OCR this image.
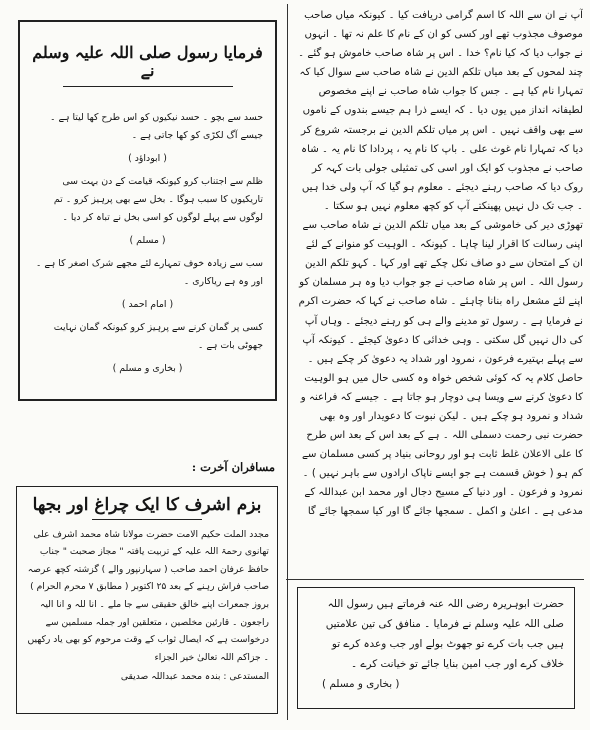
آپ نے ان سے اللہ کا اسم گرامی دریافت کیا ۔ کیونکہ میاں صاحب موصوف مجذوب تھے اور کسی کو ان کے نام کا علم نہ تھا ۔ انہوں نے جواب دیا کہ کیا نام؟ خدا ۔ اس پر شاہ صاحب خاموش ہو گئے ۔ چند لمحوں کے بعد میاں تلکم الدین نے شاہ صاحب سے سوال کیا کہ تمہارا نام کیا ہے ۔ جس کا جواب شاہ صاحب نے اپنے مخصوص لطیفانہ انداز میں یوں دیا ۔ کہ ایسے ذرا ہم جیسے بندوں کے ناموں سے بھی واقف نہیں ۔ اس پر میاں تلکم الدین نے برجستہ شروع کر دیا کہ تمہارا نام غوث علی ۔ باپ کا نام یہ ، پردادا کا نام یہ ۔ شاہ صاحب نے مجذوب کو ایک اور اسی کی تمثیلی جولی بات کہہ کر روک دیا کہ صاحب رہنے دیجئے ۔ معلوم ہو گیا کہ آپ ولی خدا ہیں ۔ جب تک دل نہیں پھینکتے آپ کو کچھ معلوم نہیں ہو سکتا ۔

تھوڑی دیر کی خاموشی کے بعد میاں تلکم الدین نے شاہ صاحب سے اپنی رسالت کا اقرار لینا چاہا ۔ کیونکہ ۔ الوہیت کو منوانے کے لئے ان کے امتحان سے دو صاف نکل چکے تھے اور کہا ۔ کہو تلکم الدین رسول اللہ ۔ اس پر شاہ صاحب نے جو جواب دیا وہ ہر مسلمان کو اپنے لئے مشعل راہ بنانا چاہئے ۔ شاہ صاحب نے کہا کہ حضرت اکرم نے فرمایا ہے ۔ رسول تو مدینے والے ہی کو رہنے دیجئے ۔ وہاں آپ کی دال نہیں گل سکتی ۔ وہی خدائی کا دعویٰ کیجئے ۔ کیونکہ آپ سے پہلے بہتیرے فرعون ، نمرود اور شداد یہ دعویٰ کر چکے ہیں ۔

حاصل کلام یہ کہ کوئی شخص خواہ وہ کسی حال میں ہو الوہیت کا دعویٰ کرنے سے ویسا ہی دوچار ہو جاتا ہے ۔ جیسے کہ فراعنہ و شداد و نمرود ہو چکے ہیں ۔ لیکن نبوت کا دعویدار اور وہ بھی حضرت نبی رحمت دسملی اللہ ۔ ہے کے بعد اس کے بعد اس طرح کا علی الاعلان غلط ثابت ہو اور روحانی بنیاد پر کسی مسلمان سے کم ہو ( خوش قسمت ہے جو ایسے ناپاک ارادوں سے باہر نہیں ) ۔ نمرود و فرعون ۔ اور دنیا کے مسیح دجال اور محمد ابن عبداللہ کے مدعی ہے ۔ اعلیٰ و اکمل ۔ سمجھا جائے گا اور کیا سمجھا جائے گا

حضرت ابوہریرہ رضی اللہ عنہ فرماتے ہیں رسول اللہ صلی اللہ علیہ وسلم نے فرمایا ۔ منافق کی تین علامتیں ہیں جب بات کرے تو جھوٹ بولے اور جب وعدہ کرے تو خلاف کرے اور جب امین بنایا جائے تو خیانت کرے ۔
( بخاری و مسلم )
فرمایا رسول صلی اللہ علیہ وسلم نے

حسد سے بچو ۔ حسد نیکیوں کو اس طرح کھا لیتا ہے ۔ جیسے آگ لکڑی کو کھا جاتی ہے ۔

( ابوداؤد )

ظلم سے اجتناب کرو کیونکہ قیامت کے دن بہت سی تاریکیوں کا سبب ہوگا ۔ بخل سے بھی پرہیز کرو ۔ تم لوگوں سے پہلے لوگوں کو اسی بخل نے تباہ کر دیا ۔

( مسلم )

سب سے زیادہ خوف تمہارے لئے مجھے شرک اصغر کا ہے ۔ اور وہ ہے ریاکاری ۔

( امام احمد )

کسی پر گمان کرنے سے پرہیز کرو کیونکہ گمان نہایت جھوٹی بات ہے ۔

( بخاری و مسلم )

مسافران آخرت :
بزم اشرف کا ایک چراغ اور بجھا

مجدد الملت حکیم الامت حضرت مولانا شاہ محمد اشرف علی تھانوی رحمۃ اللہ علیہ کے تربیت یافتہ " مجاز صحبت " جناب حافظ عرفان احمد صاحب ( سہارنپور والے ) گزشتہ کچھ عرصہ صاحب فراش رہنے کے بعد ۲۵ اکتوبر ( مطابق ۷ محرم الحرام ) بروز جمعرات اپنے خالق حقیقی سے جا ملے ۔ انا للہ و انا الیہ راجعون ۔ قارئین مخلصین ، متعلقین اور جملہ مسلمین سے درخواست ہے کہ ایصال ثواب کے وقت مرحوم کو بھی یاد رکھیں ۔ جزاکم اللہ تعالیٰ خیر الجزاء

المستدعی : بندہ محمد عبداللہ صدیقی
